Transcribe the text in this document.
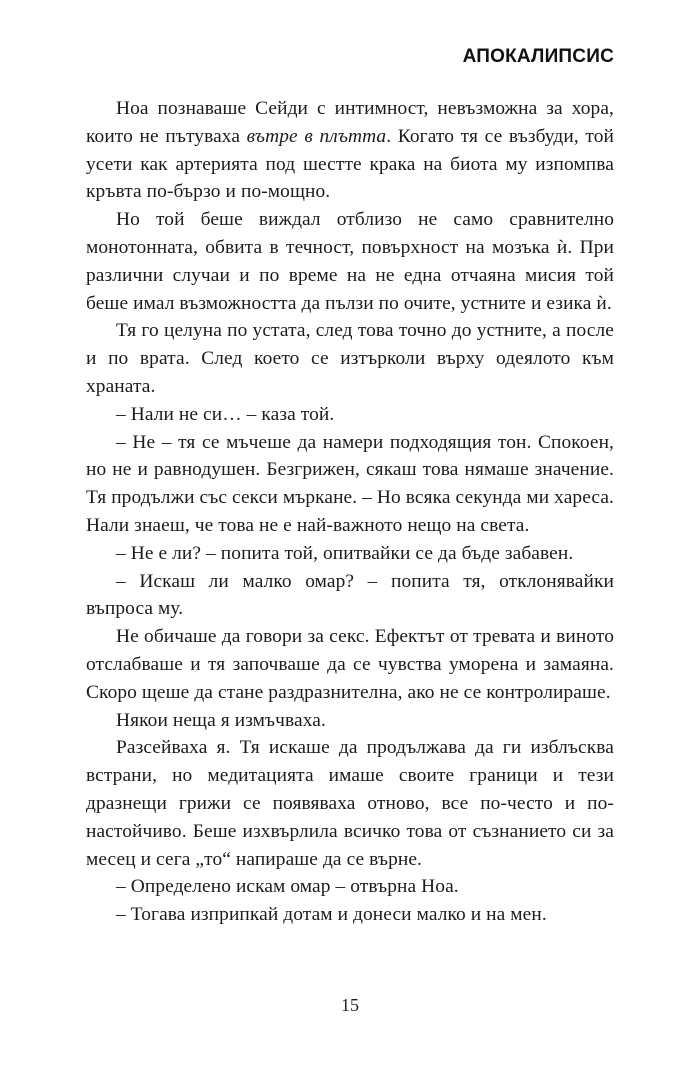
АПОКАЛИПСИС

Ноа познаваше Сейди с интимност, невъзможна за хора, които не пътуваха вътре в плътта. Когато тя се възбуди, той усети как артерията под шестте крака на биота му изпомпва кръвта по-бързо и по-мощно.

Но той беше виждал отблизо не само сравнително монотонната, обвита в течност, повърхност на мозъка ѝ. При различни случаи и по време на не една отчаяна мисия той беше имал възможността да пълзи по очите, устните и езика ѝ.

Тя го целуна по устата, след това точно до устните, а после и по врата. След което се изтърколи върху одеялото към храната.

– Нали не си… – каза той.

– Не – тя се мъчеше да намери подходящия тон. Спокоен, но не и равнодушен. Безгрижен, сякаш това нямаше значение. Тя продължи със секси мъркане. – Но всяка секунда ми хареса. Нали знаеш, че това не е най-важното нещо на света.

– Не е ли? – попита той, опитвайки се да бъде забавен.

– Искаш ли малко омар? – попита тя, отклонявайки въпроса му.

Не обичаше да говори за секс. Ефектът от тревата и виното отслабваше и тя започваше да се чувства уморена и замаяна. Скоро щеше да стане раздразнителна, ако не се контролираше.

Някои неща я измъчваха.

Разсейваха я. Тя искаше да продължава да ги изблъсква встрани, но медитацията имаше своите граници и тези дразнещи грижи се появяваха отново, все по-често и по-настойчиво. Беше изхвърлила всичко това от съзнанието си за месец и сега „то“ напираше да се върне.

– Определено искам омар – отвърна Ноа.

– Тогава изприпкай дотам и донеси малко и на мен.

15
